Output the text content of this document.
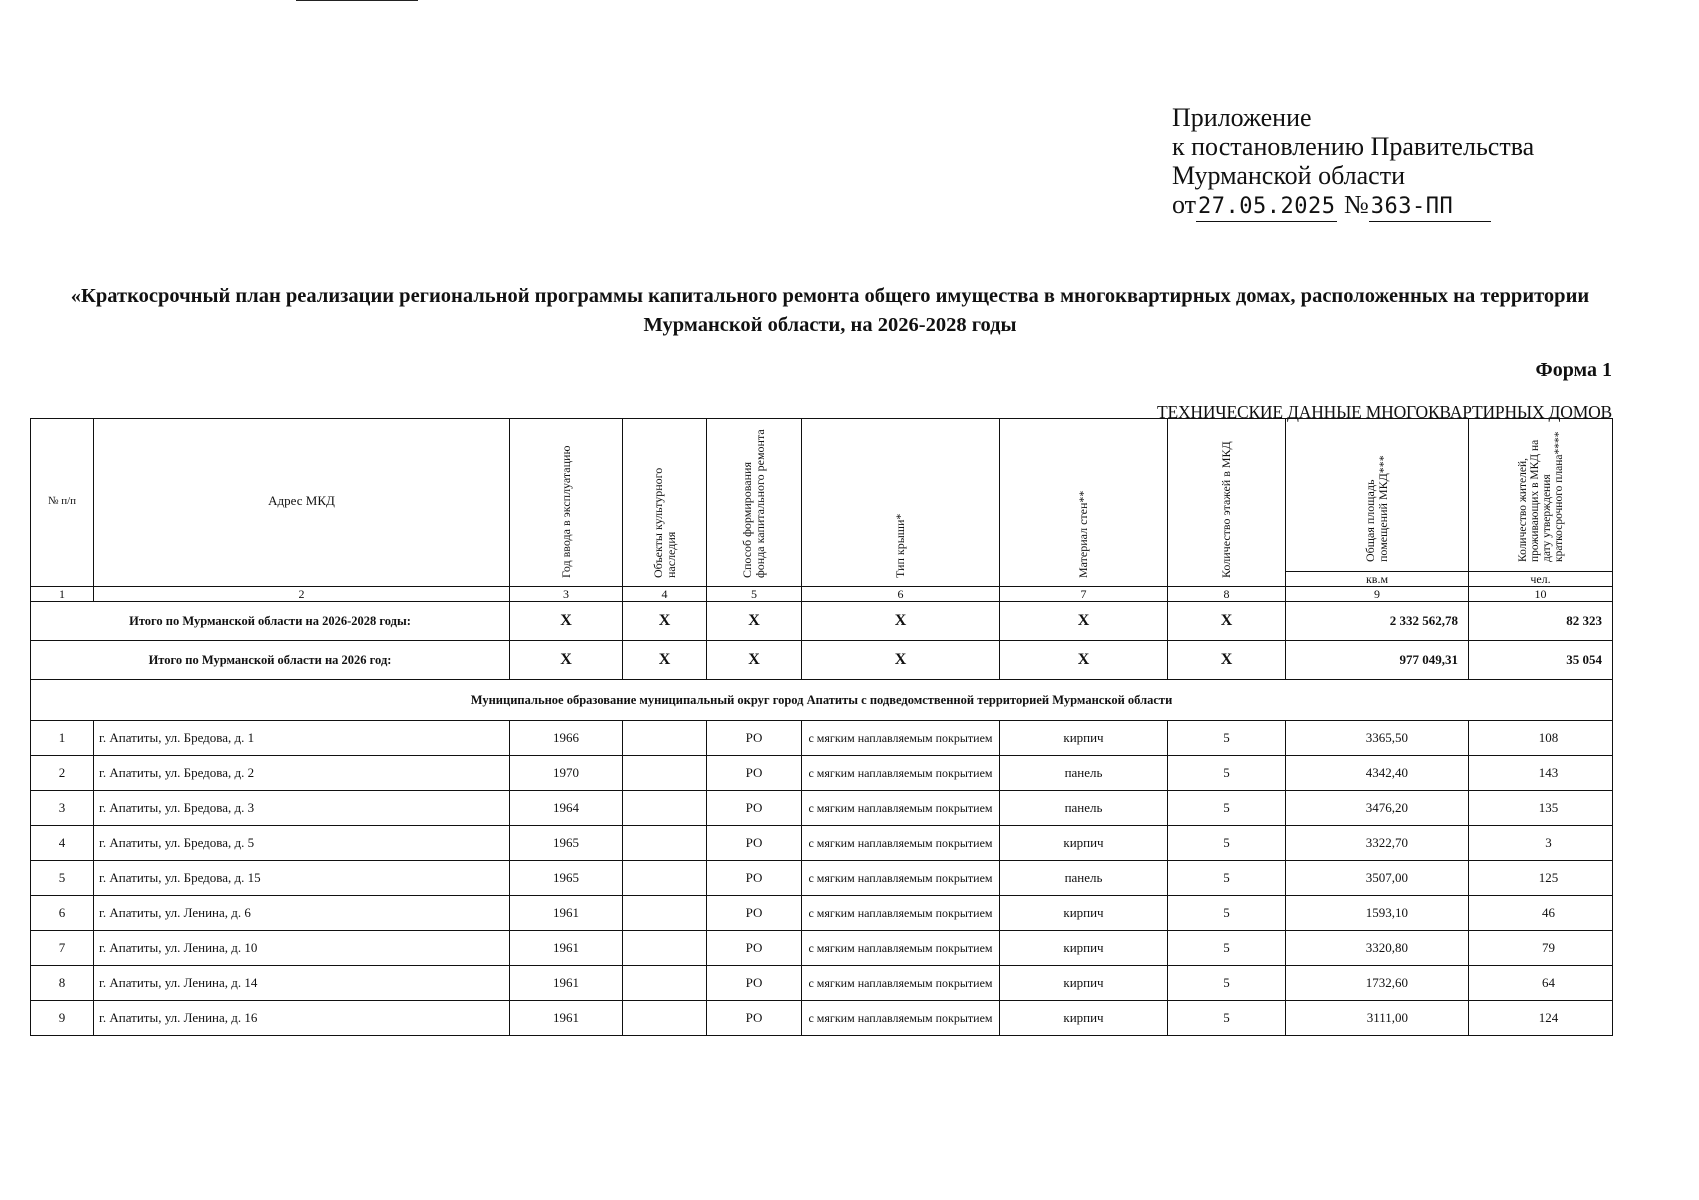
Приложение
к постановлению Правительства
Мурманской области
от27.05.2025 №363-ПП
«Краткосрочный план реализации региональной программы капитального ремонта общего имущества в многоквартирных домах, расположенных на территории Мурманской области, на 2026-2028 годы
Форма 1
ТЕХНИЧЕСКИЕ ДАННЫЕ МНОГОКВАРТИРНЫХ ДОМОВ
№ п/п	Адрес МКД	Год ввода в эксплуатацию	Объекты культурного наследия	Способ формирования фонда капитального ремонта	Тип крыши*	Материал стен**	Количество этажей в МКД	Общая площадь помещений МКД***	Количество жителей, проживающих в МКД на дату утверждения краткосрочного плана****

								кв.м	чел.
1	2	3	4	5	6	7	8	9	10
Итого по Мурманской области на 2026-2028 годы:		X	X	X	X	X	X	2 332 562,78	82 323
Итого по Мурманской области на 2026 год:		X	X	X	X	X	X	977 049,31	35 054
Муниципальное образование муниципальный округ город Апатиты с подведомственной территорией Мурманской области									
1	г. Апатиты, ул. Бредова, д. 1	1966		РО	с мягким наплавляемым покрытием	кирпич	5	3365,50	108
2	г. Апатиты, ул. Бредова, д. 2	1970		РО	с мягким наплавляемым покрытием	панель	5	4342,40	143
3	г. Апатиты, ул. Бредова, д. 3	1964		РО	с мягким наплавляемым покрытием	панель	5	3476,20	135
4	г. Апатиты, ул. Бредова, д. 5	1965		РО	с мягким наплавляемым покрытием	кирпич	5	3322,70	3
5	г. Апатиты, ул. Бредова, д. 15	1965		РО	с мягким наплавляемым покрытием	панель	5	3507,00	125
6	г. Апатиты, ул. Ленина, д. 6	1961		РО	с мягким наплавляемым покрытием	кирпич	5	1593,10	46
7	г. Апатиты, ул. Ленина, д. 10	1961		РО	с мягким наплавляемым покрытием	кирпич	5	3320,80	79
8	г. Апатиты, ул. Ленина, д. 14	1961		РО	с мягким наплавляемым покрытием	кирпич	5	1732,60	64
9	г. Апатиты, ул. Ленина, д. 16	1961		РО	с мягким наплавляемым покрытием	кирпич	5	3111,00	124
